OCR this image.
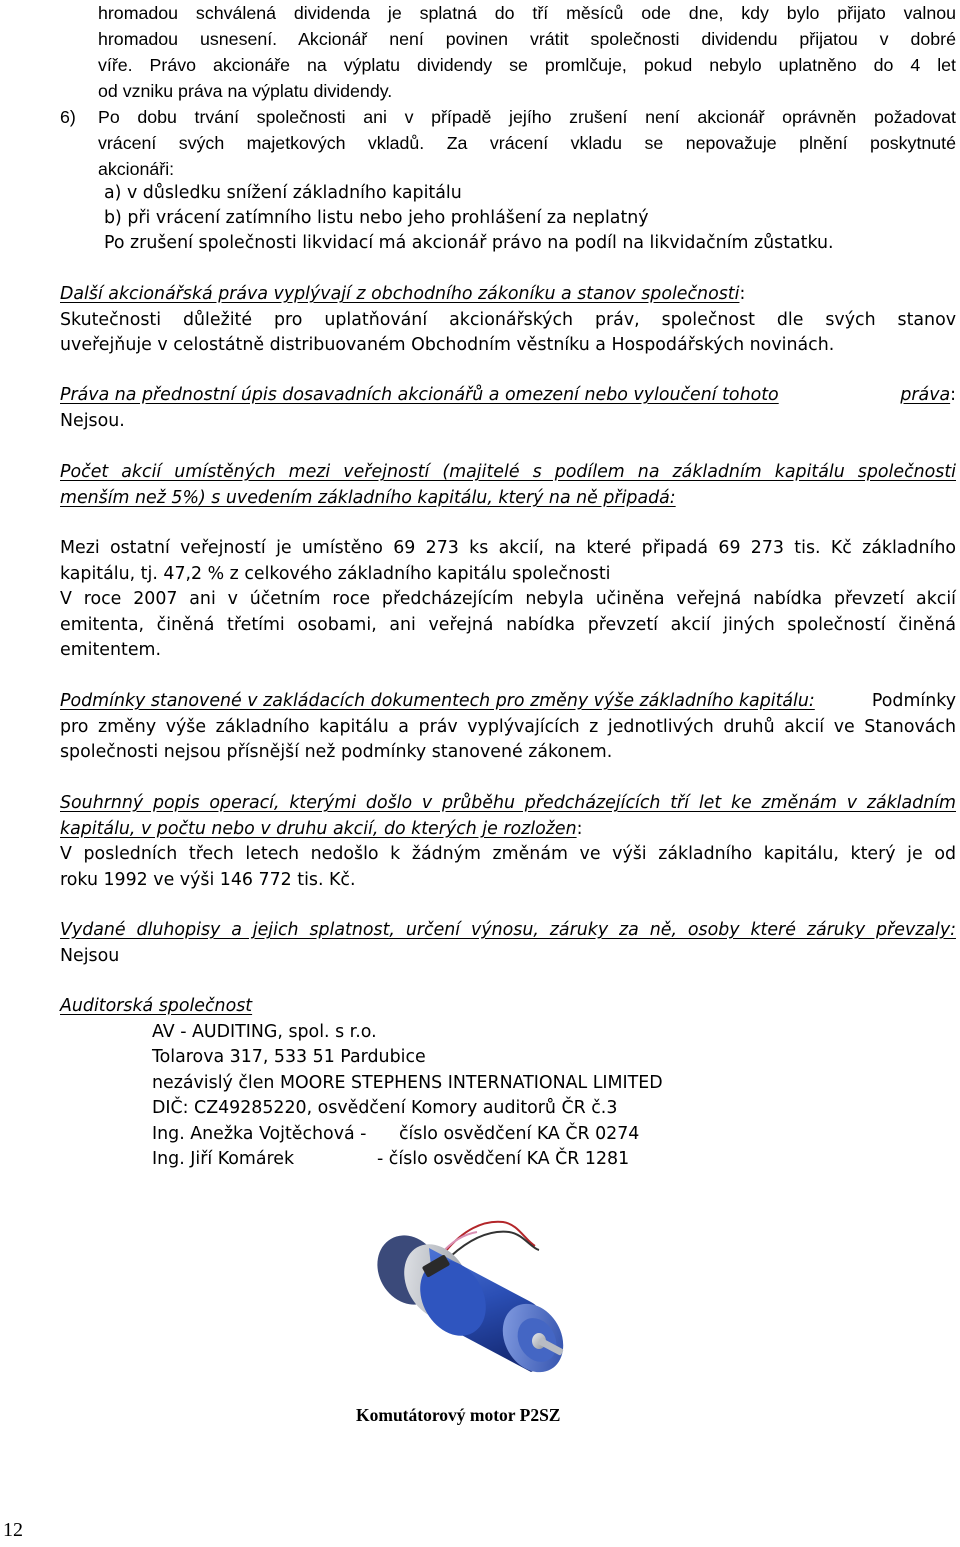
hromadou schválená dividenda je splatná do tří měsíců ode dne, kdy bylo přijato valnou
hromadou usnesení. Akcionář není povinen vrátit společnosti dividendu přijatou v dobré
víře. Právo akcionáře na výplatu dividendy se promlčuje, pokud nebylo uplatněno do 4 let
od vzniku práva na výplatu dividendy.
6) Po dobu trvání společnosti ani v případě jejího zrušení není akcionář oprávněn požadovat
vrácení svých majetkových vkladů. Za vrácení vkladu se nepovažuje plnění poskytnuté
akcionáři:
a) v důsledku snížení základního kapitálu
b) při vrácení zatímního listu nebo jeho prohlášení za neplatný
Po zrušení společnosti likvidací má akcionář právo na podíl na likvidačním zůstatku.
Další akcionářská práva vyplývají z obchodního zákoníku a stanov společnosti:
Skutečnosti důležité pro uplatňování akcionářských práv, společnost dle svých stanov
uveřejňuje v celostátně distribuovaném Obchodním věstníku a Hospodářských novinách.
Práva na přednostní úpis dosavadních akcionářů a omezení nebo vyloučení tohoto	práva:
Nejsou.
Počet akcií umístěných mezi veřejností (majitelé s podílem na základním kapitálu společnosti
menším než 5%) s uvedením základního kapitálu, který na ně připadá:
Mezi ostatní veřejností je umístěno 69 273 ks akcií, na které připadá 69 273 tis. Kč základního
kapitálu, tj. 47,2 % z celkového základního kapitálu společnosti
V roce 2007 ani v účetním roce předcházejícím nebyla učiněna veřejná nabídka převzetí akcií
emitenta, činěná třetími osobami, ani veřejná nabídka převzetí akcií jiných společností činěná
emitentem.
Podmínky stanovené v zakládacích dokumentech pro změny výše základního kapitálu:	Podmínky
pro změny výše základního kapitálu a práv vyplývajících z jednotlivých druhů akcií ve Stanovách
společnosti nejsou přísnější než podmínky stanovené zákonem.
Souhrnný popis operací, kterými došlo v průběhu předcházejících tří let ke změnám v základním
kapitálu, v počtu nebo v druhu akcií, do kterých je rozložen:
V posledních třech letech nedošlo k žádným změnám ve výši základního kapitálu, který je od
roku 1992 ve výši 146 772 tis. Kč.
Vydané dluhopisy a jejich splatnost, určení výnosu, záruky za ně, osoby které záruky převzaly:
Nejsou
Auditorská společnost
AV - AUDITING, spol. s r.o.
Tolarova 317, 533 51 Pardubice
nezávislý člen MOORE STEPHENS INTERNATIONAL LIMITED
DIČ: CZ49285220, osvědčení Komory auditorů ČR č.3
Ing. Anežka Vojtěchová - číslo osvědčení KA ČR 0274
Ing. Jiří Komárek	- číslo osvědčení KA ČR 1281
Komutátorový motor P2SZ
12
